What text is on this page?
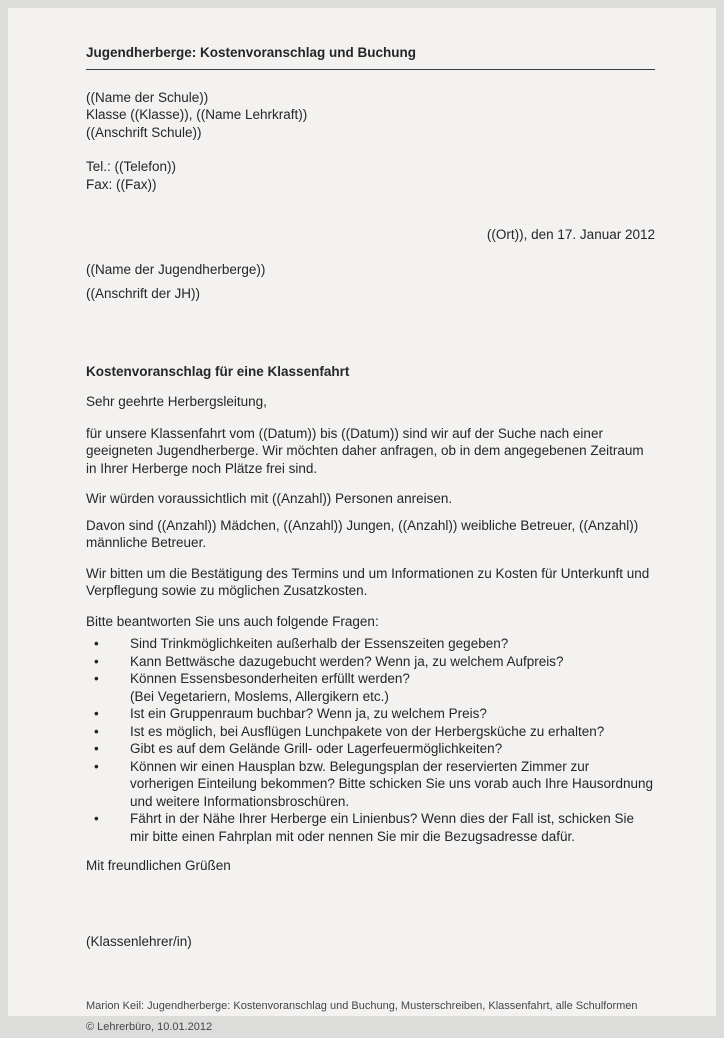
Jugendherberge: Kostenvoranschlag und Buchung

((Name der Schule))

Klasse ((Klasse)), ((Name Lehrkraft))

((Anschrift Schule))

Tel.: ((Telefon))

Fax: ((Fax))

((Ort)), den 17. Januar 2012

((Name der Jugendherberge))

((Anschrift der JH))

Kostenvoranschlag für eine Klassenfahrt

Sehr geehrte Herbergsleitung,

für unsere Klassenfahrt vom ((Datum)) bis ((Datum)) sind wir auf der Suche nach einer geeigneten Jugendherberge. Wir möchten daher anfragen, ob in dem angegebenen Zeitraum in Ihrer Herberge noch Plätze frei sind.

Wir würden voraussichtlich mit ((Anzahl)) Personen anreisen.

Davon sind ((Anzahl)) Mädchen, ((Anzahl)) Jungen, ((Anzahl)) weibliche Betreuer, ((Anzahl)) männliche Betreuer.

Wir bitten um die Bestätigung des Termins und um Informationen zu Kosten für Unterkunft und Verpflegung sowie zu möglichen Zusatzkosten.

Bitte beantworten Sie uns auch folgende Fragen:

• Sind Trinkmöglichkeiten außerhalb der Essenszeiten gegeben?
• Kann Bettwäsche dazugebucht werden? Wenn ja, zu welchem Aufpreis?
• Können Essensbesonderheiten erfüllt werden?
(Bei Vegetariern, Moslems, Allergikern etc.)
• Ist ein Gruppenraum buchbar? Wenn ja, zu welchem Preis?
• Ist es möglich, bei Ausflügen Lunchpakete von der Herbergsküche zu erhalten?
• Gibt es auf dem Gelände Grill- oder Lagerfeuermöglichkeiten?
• Können wir einen Hausplan bzw. Belegungsplan der reservierten Zimmer zur vorherigen Einteilung bekommen? Bitte schicken Sie uns vorab auch Ihre Hausordnung und weitere Informationsbroschüren.
• Fährt in der Nähe Ihrer Herberge ein Linienbus? Wenn dies der Fall ist, schicken Sie mir bitte einen Fahrplan mit oder nennen Sie mir die Bezugsadresse dafür.

Mit freundlichen Grüßen

(Klassenlehrer/in)

Marion Keil: Jugendherberge: Kostenvoranschlag und Buchung, Musterschreiben, Klassenfahrt, alle Schulformen

© Lehrerbüro, 10.01.2012
